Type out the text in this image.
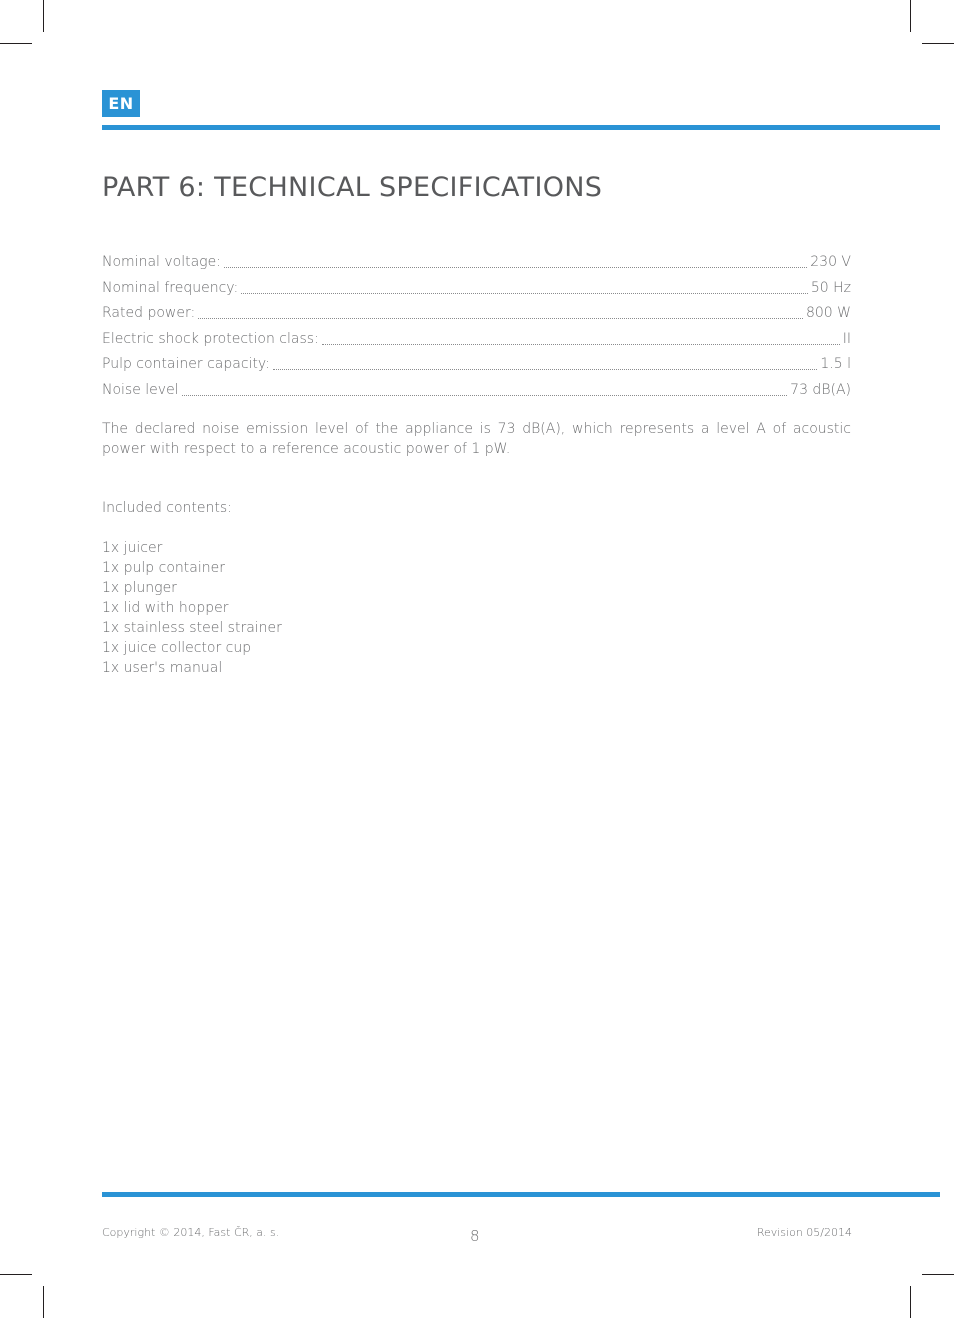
EN
PART 6: TECHNICAL SPECIFICATIONS
Nominal voltage:	230 V
Nominal frequency:	50 Hz
Rated power:	800 W
Electric shock protection class:	II
Pulp container capacity:	1.5 l
Noise level	73 dB(A)

The declared noise emission level of the appliance is 73 dB(A), which represents a level A of acoustic power with respect to a reference acoustic power of 1 pW.

Included contents:

1x juicer
1x pulp container
1x plunger
1x lid with hopper
1x stainless steel strainer
1x juice collector cup
1x user's manual
Copyright © 2014, Fast ČR, a. s.	8	Revision 05/2014
